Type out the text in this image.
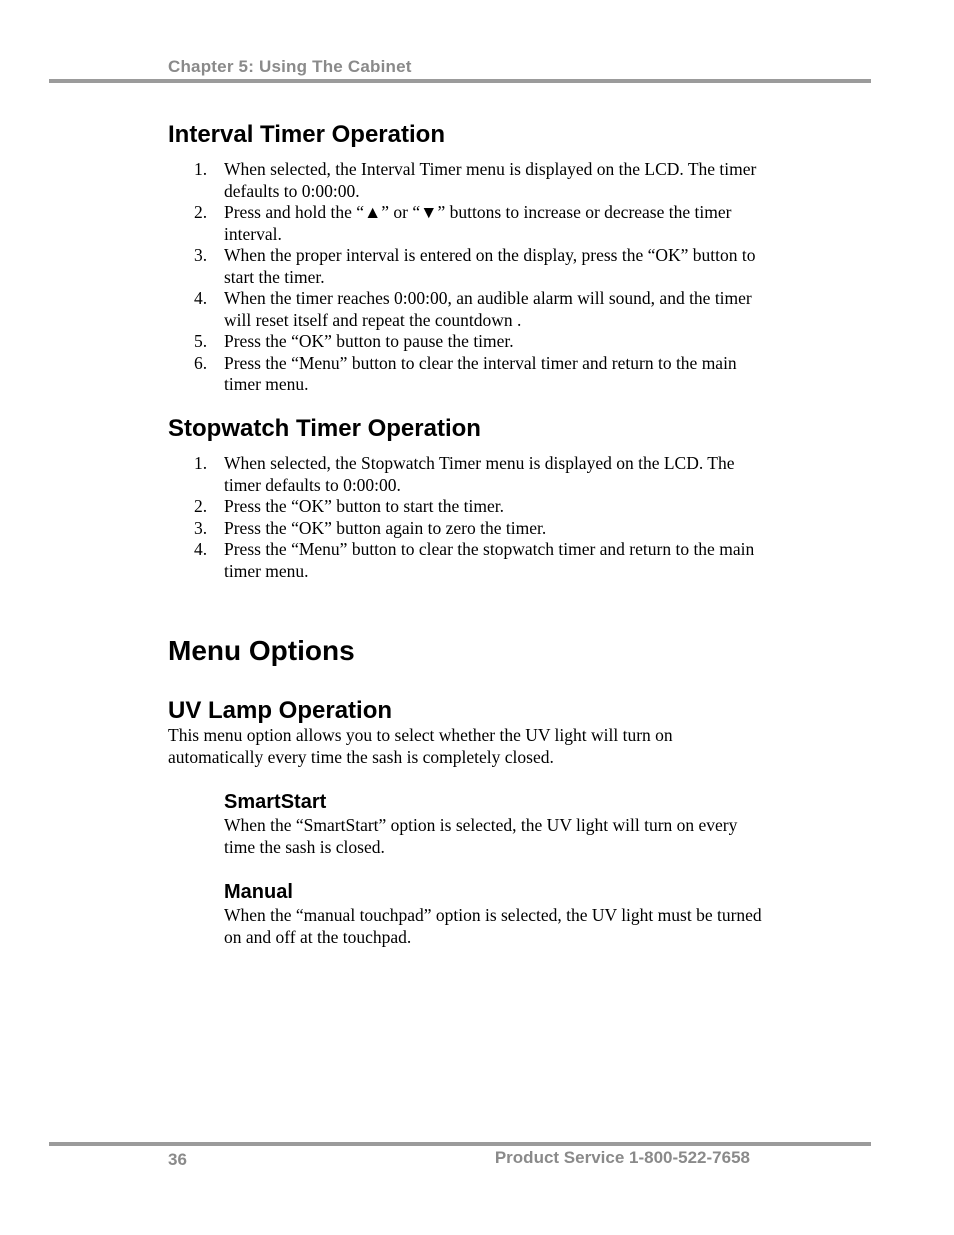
Chapter 5: Using The Cabinet
Interval Timer Operation
1. When selected, the Interval Timer menu is displayed on the LCD. The timer defaults to 0:00:00.
2. Press and hold the “▲” or “▼” buttons to increase or decrease the timer interval.
3. When the proper interval is entered on the display, press the “OK” button to start the timer.
4. When the timer reaches 0:00:00, an audible alarm will sound, and the timer will reset itself and repeat the countdown .
5. Press the “OK” button to pause the timer.
6. Press the “Menu” button to clear the interval timer and return to the main timer menu.
Stopwatch Timer Operation
1. When selected, the Stopwatch Timer menu is displayed on the LCD. The timer defaults to 0:00:00.
2. Press the “OK” button to start the timer.
3. Press the “OK” button again to zero the timer.
4. Press the “Menu” button to clear the stopwatch timer and return to the main timer menu.
Menu Options
UV Lamp Operation

This menu option allows you to select whether the UV light will turn on automatically every time the sash is completely closed.

SmartStart

When the “SmartStart” option is selected, the UV light will turn on every time the sash is closed.

Manual

When the “manual touchpad” option is selected, the UV light must be turned on and off at the touchpad.

36	Product Service 1-800-522-7658
